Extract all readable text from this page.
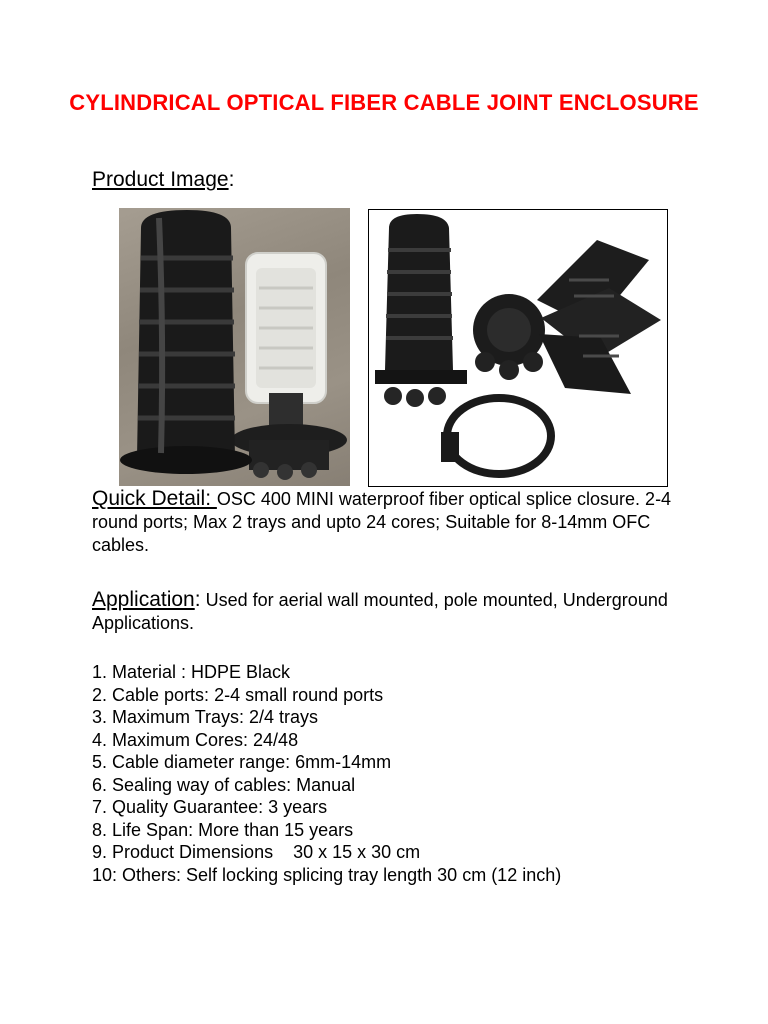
CYLINDRICAL OPTICAL FIBER CABLE JOINT ENCLOSURE
Product Image:
Quick Detail: OSC 400 MINI waterproof fiber optical splice closure. 2-4 round ports; Max 2 trays and upto 24 cores; Suitable for 8-14mm OFC cables.
Application: Used for aerial wall mounted, pole mounted, Underground Applications.
1. Material : HDPE Black
2. Cable ports: 2-4 small round ports
3. Maximum Trays: 2/4 trays
4. Maximum Cores: 24/48
5. Cable diameter range: 6mm-14mm
6. Sealing way of cables: Manual
7. Quality Guarantee: 3 years
8. Life Span: More than 15 years
9. Product Dimensions    30 x 15 x 30 cm
10: Others: Self locking splicing tray length 30 cm (12 inch)
